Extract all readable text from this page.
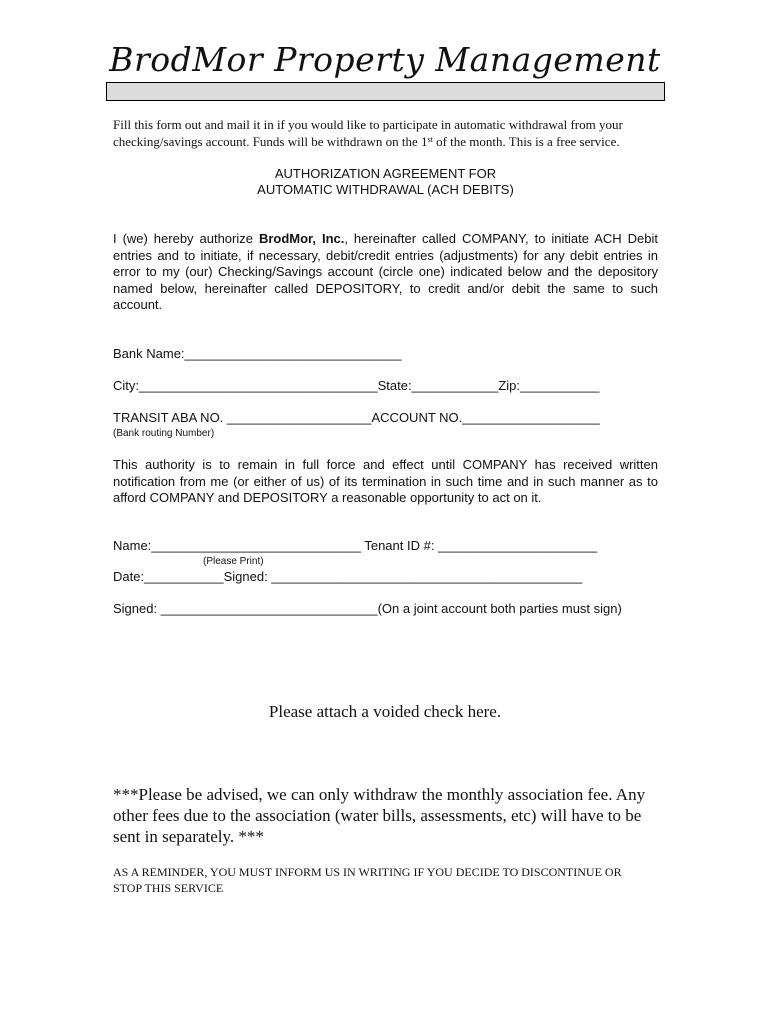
BrodMor Property Management
Fill this form out and mail it in if you would like to participate in automatic withdrawal from your checking/savings account. Funds will be withdrawn on the 1st of the month. This is a free service.
AUTHORIZATION AGREEMENT FOR
AUTOMATIC WITHDRAWAL (ACH DEBITS)
I (we) hereby authorize BrodMor, Inc., hereinafter called COMPANY, to initiate ACH Debit entries and to initiate, if necessary, debit/credit entries (adjustments) for any debit entries in error to my (our) Checking/Savings account (circle one) indicated below and the depository named below, hereinafter called DEPOSITORY, to credit and/or debit the same to such account.
Bank Name:______________________________
City:_________________________________State:____________Zip:___________
TRANSIT ABA NO. ____________________ACCOUNT NO.___________________
(Bank routing Number)
This authority is to remain in full force and effect until COMPANY has received written notification from me (or either of us) of its termination in such time and in such manner as to afford COMPANY and DEPOSITORY a reasonable opportunity to act on it.
Name:_____________________________ Tenant ID #: ______________________
(Please Print)
Date:___________Signed: ___________________________________________
Signed: ______________________________(On a joint account both parties must sign)
Please attach a voided check here.
***Please be advised, we can only withdraw the monthly association fee. Any other fees due to the association (water bills, assessments, etc) will have to be sent in separately. ***
AS A REMINDER, YOU MUST INFORM US IN WRITING IF YOU DECIDE TO DISCONTINUE OR STOP THIS SERVICE
